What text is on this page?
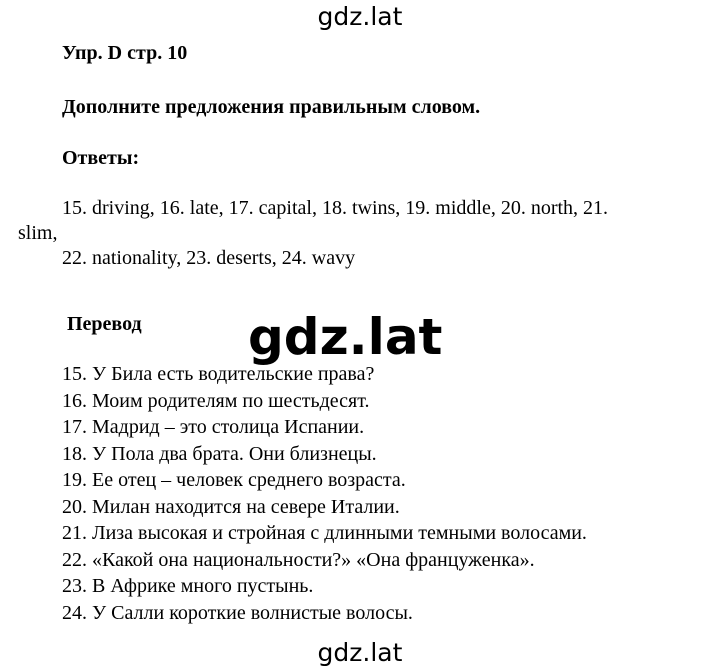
gdz.lat
Упр. D стр. 10
Дополните предложения правильным словом.
Ответы:
15. driving, 16. late, 17. capital, 18. twins, 19. middle, 20. north, 21.
slim,
22. nationality, 23. deserts, 24. wavy
Перевод gdz.lat
15. У Била есть водительские права?
16. Моим родителям по шестьдесят.
17. Мадрид – это столица Испании.
18. У Пола два брата. Они близнецы.
19. Ее отец – человек среднего возраста.
20. Милан находится на севере Италии.
21. Лиза высокая и стройная с длинными темными волосами.
22. «Какой она национальности?» «Она француженка».
23. В Африке много пустынь.
24. У Салли короткие волнистые волосы.
gdz.lat
